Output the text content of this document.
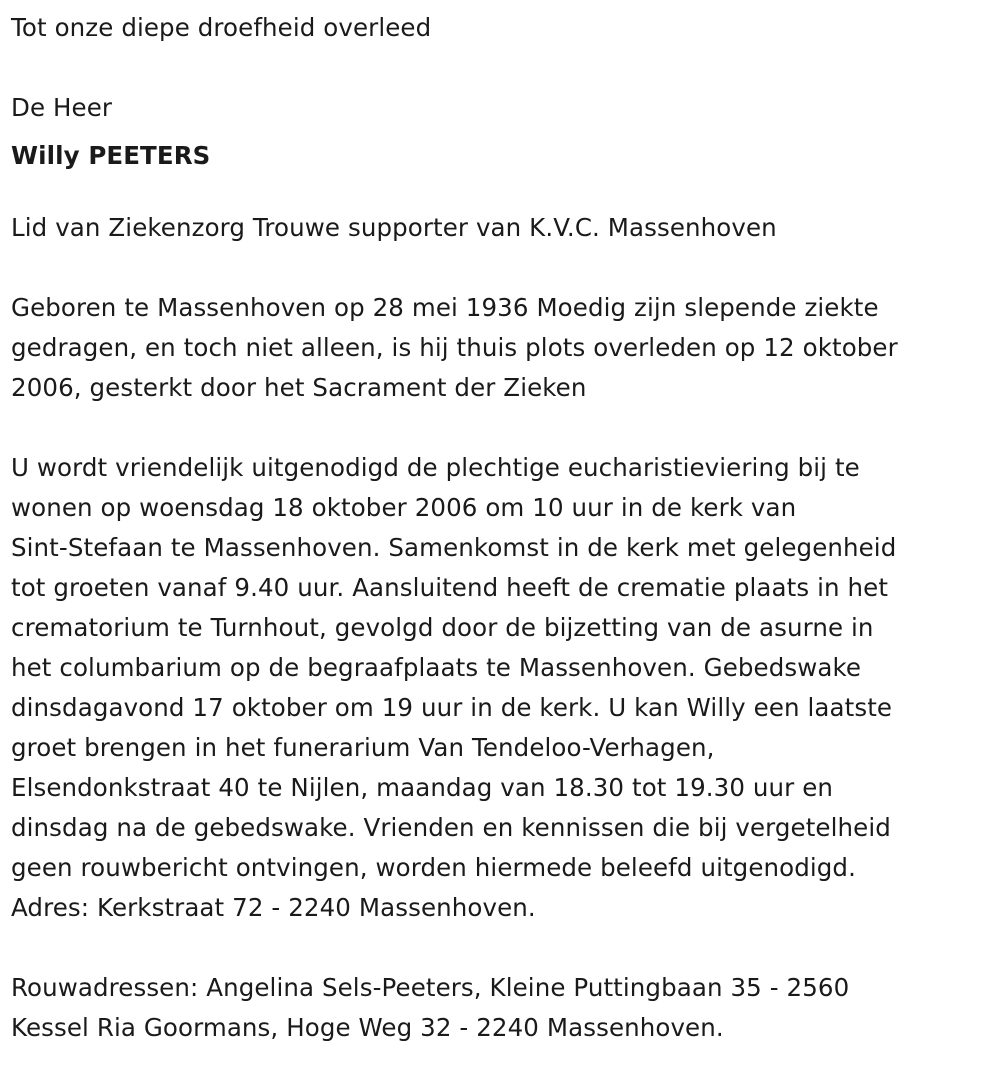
Tot onze diepe droefheid overleed
De Heer
Willy PEETERS
Lid van Ziekenzorg Trouwe supporter van K.V.C. Massenhoven
Geboren te Massenhoven op 28 mei 1936 Moedig zijn slepende ziekte
gedragen, en toch niet alleen, is hij thuis plots overleden op 12 oktober
2006, gesterkt door het Sacrament der Zieken
U wordt vriendelijk uitgenodigd de plechtige eucharistieviering bij te
wonen op woensdag 18 oktober 2006 om 10 uur in de kerk van
Sint-Stefaan te Massenhoven. Samenkomst in de kerk met gelegenheid
tot groeten vanaf 9.40 uur. Aansluitend heeft de crematie plaats in het
crematorium te Turnhout, gevolgd door de bijzetting van de asurne in
het columbarium op de begraafplaats te Massenhoven. Gebedswake
dinsdagavond 17 oktober om 19 uur in de kerk. U kan Willy een laatste
groet brengen in het funerarium Van Tendeloo-Verhagen,
Elsendonkstraat 40 te Nijlen, maandag van 18.30 tot 19.30 uur en
dinsdag na de gebedswake. Vrienden en kennissen die bij vergetelheid
geen rouwbericht ontvingen, worden hiermede beleefd uitgenodigd.
Adres: Kerkstraat 72 - 2240 Massenhoven.
Rouwadressen: Angelina Sels-Peeters, Kleine Puttingbaan 35 - 2560
Kessel Ria Goormans, Hoge Weg 32 - 2240 Massenhoven.
